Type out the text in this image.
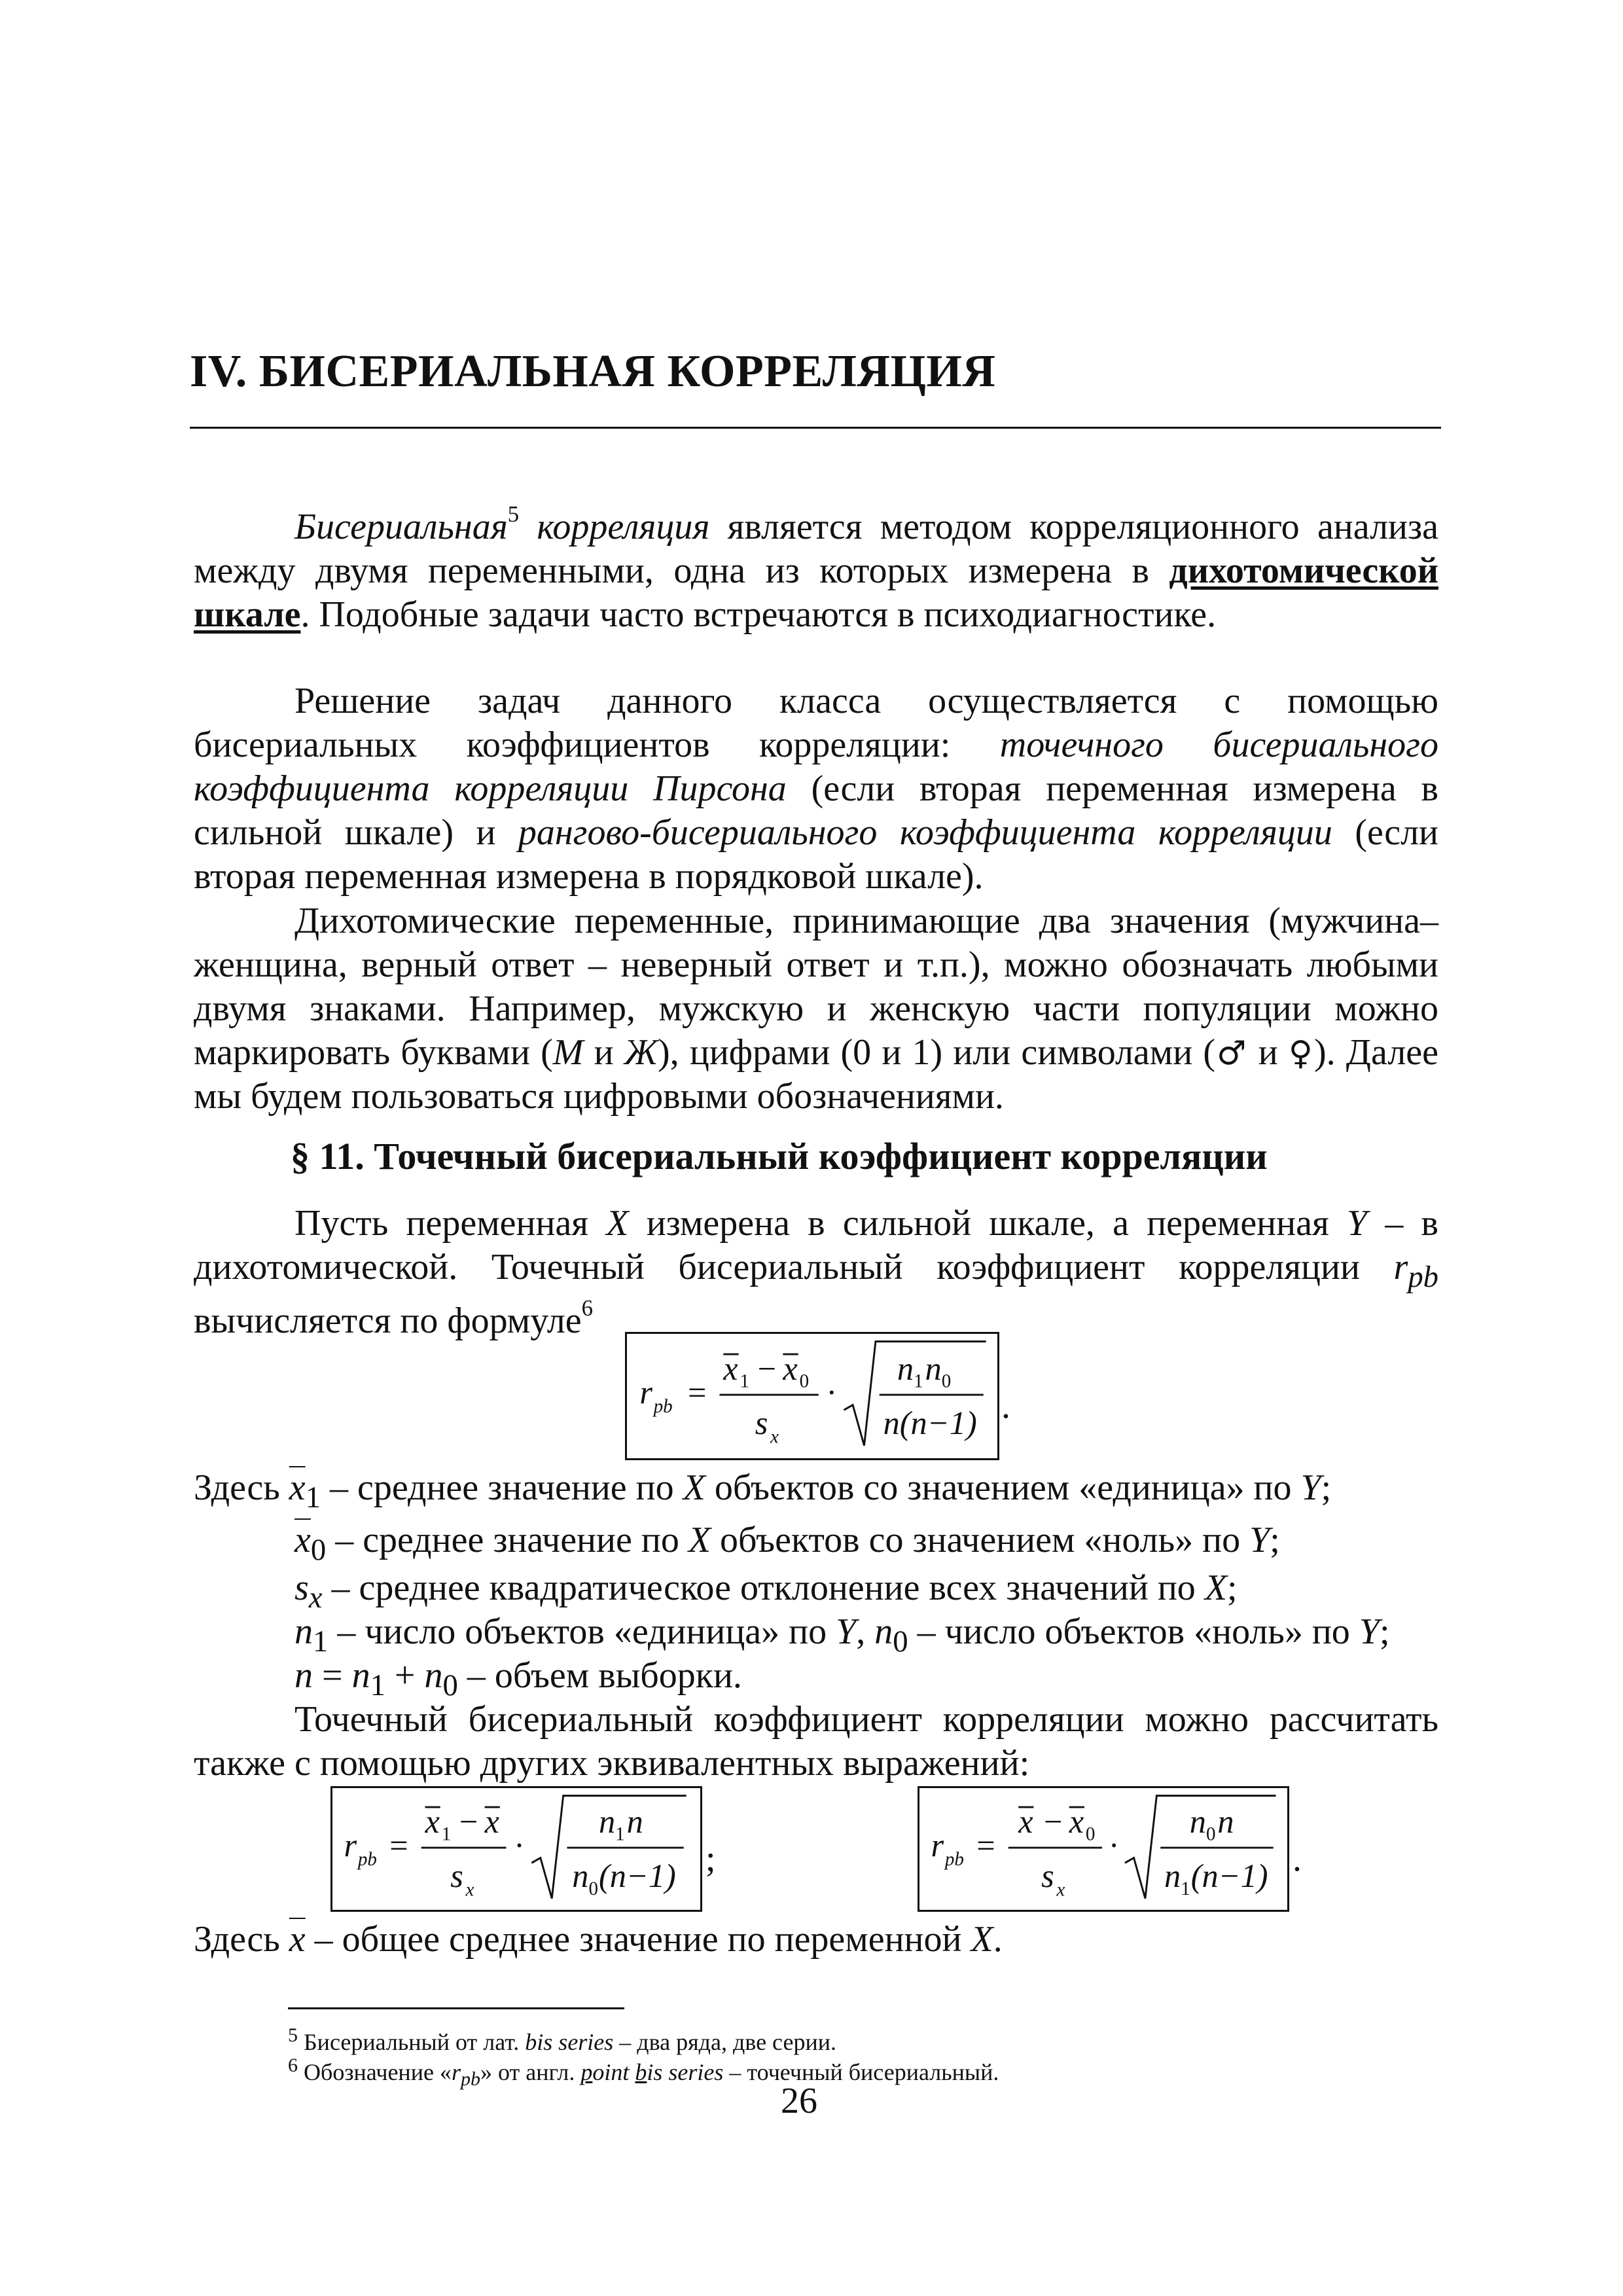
IV. БИСЕРИАЛЬНАЯ КОРРЕЛЯЦИЯ

Бисериальная$^5$ корреляция является методом корреляционного анализа между двумя переменными, одна из которых измерена в дихотомической шкале. Подобные задачи часто встречаются в психодиагностике.

Решение задач данного класса осуществляется с помощью бисериальных коэффициентов корреляции: точечного бисериального коэффициента корреляции Пирсона (если вторая переменная измерена в сильной шкале) и рангово-бисериального коэффициента корреляции (если вторая переменная измерена в порядковой шкале).

Дихотомические переменные, принимающие два значения (мужчина–женщина, верный ответ – неверный ответ и т.п.), можно обозначать любыми двумя знаками. Например, мужскую и женскую части популяции можно маркировать буквами (М и Ж), цифрами (0 и 1) или символами (♂ и ♀). Далее мы будем пользоваться цифровыми обозначениями.

§ 11. Точечный бисериальный коэффициент корреляции

Пусть переменная X измерена в сильной шкале, а переменная Y – в дихотомической. Точечный бисериальный коэффициент корреляции $r_{pb}$ вычисляется по формуле$^6$

r pb =
x 1 − x 0
s x
·
n 1 n 0
n(n−1) .

Здесь $\overline{x}_1$ – среднее значение по X объектов со значением «единица» по Y;

$\overline{x}_0$ – среднее значение по X объектов со значением «ноль» по Y;

$s_x$ – среднее квадратическое отклонение всех значений по X;

$n_1$ – число объектов «единица» по Y, $n_0$ – число объектов «ноль» по Y;

$n = n_1 + n_0$ – объем выборки.

Точечный бисериальный коэффициент корреляции можно рассчитать также с помощью других эквивалентных выражений:

r pb =
x 1 − x
s x
·
n 1 n
n 0 (n−1) ;	r pb =
x − x 0
s x
·
n 0 n
n 1 (n−1) .

Здесь $\overline{x}$ – общее среднее значение по переменной X.

$^5$ Бисериальный от лат. bis series – два ряда, две серии.

$^6$ Обозначение «$r_{pb}$» от англ. point bis series – точечный бисериальный.

26
